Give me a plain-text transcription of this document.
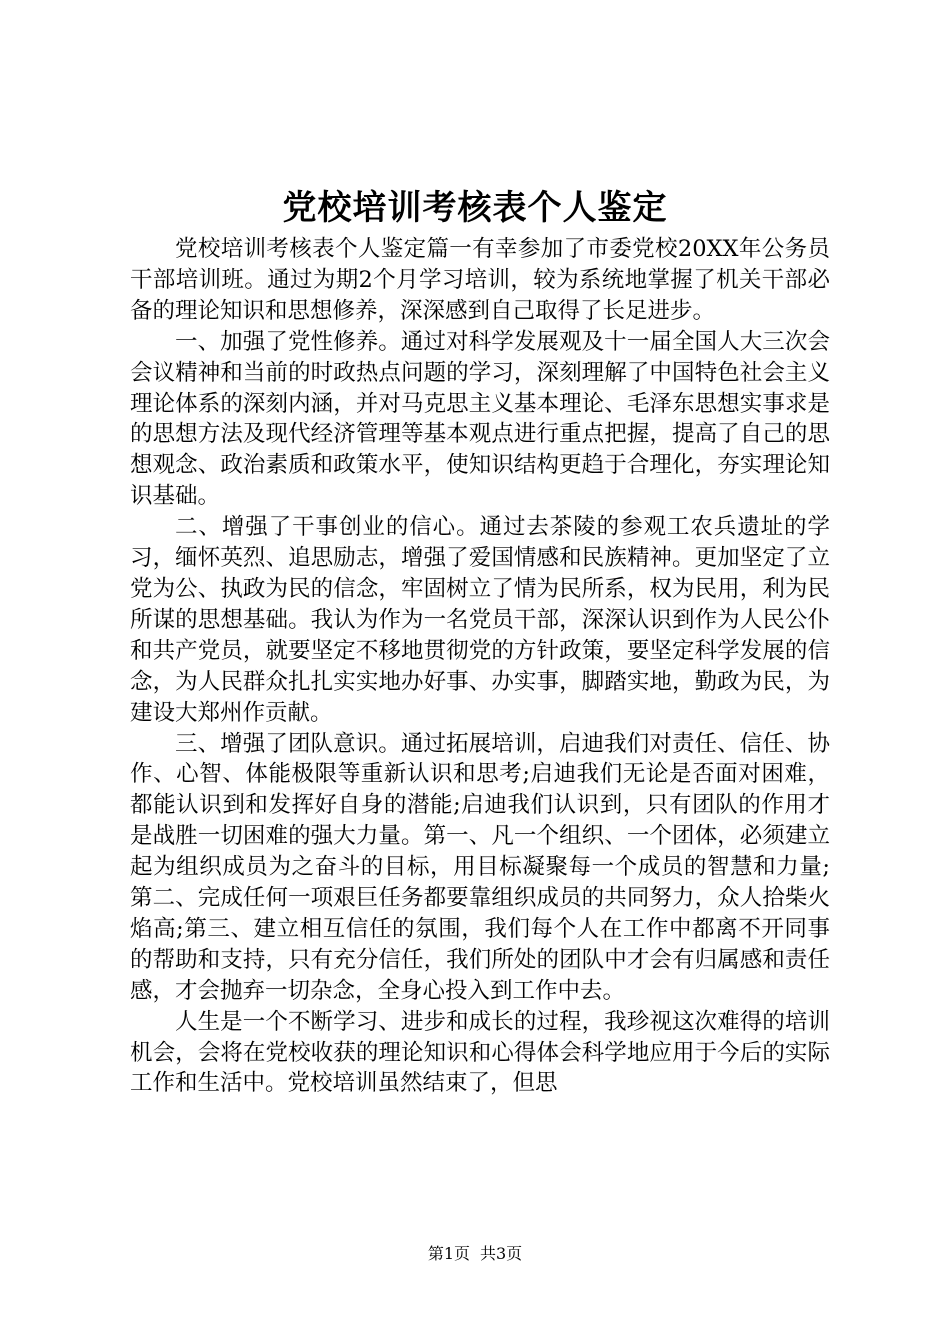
党校培训考核表个人鉴定

党校培训考核表个人鉴定篇一有幸参加了市委党校20XX年公务员干部培训班。通过为期2个月学习培训，较为系统地掌握了机关干部必备的理论知识和思想修养，深深感到自己取得了长足进步。

一、加强了党性修养。通过对科学发展观及十一届全国人大三次会会议精神和当前的时政热点问题的学习，深刻理解了中国特色社会主义理论体系的深刻内涵，并对马克思主义基本理论、毛泽东思想实事求是的思想方法及现代经济管理等基本观点进行重点把握，提高了自己的思想观念、政治素质和政策水平，使知识结构更趋于合理化，夯实理论知识基础。

二、增强了干事创业的信心。通过去茶陵的参观工农兵遗址的学习，缅怀英烈、追思励志，增强了爱国情感和民族精神。更加坚定了立党为公、执政为民的信念，牢固树立了情为民所系，权为民用，利为民所谋的思想基础。我认为作为一名党员干部，深深认识到作为人民公仆和共产党员，就要坚定不移地贯彻党的方针政策，要坚定科学发展的信念，为人民群众扎扎实实地办好事、办实事，脚踏实地，勤政为民，为建设大郑州作贡献。

三、增强了团队意识。通过拓展培训，启迪我们对责任、信任、协作、心智、体能极限等重新认识和思考;启迪我们无论是否面对困难，都能认识到和发挥好自身的潜能;启迪我们认识到，只有团队的作用才是战胜一切困难的强大力量。第一、凡一个组织、一个团体，必须建立起为组织成员为之奋斗的目标，用目标凝聚每一个成员的智慧和力量;第二、完成任何一项艰巨任务都要靠组织成员的共同努力，众人拾柴火焰高;第三、建立相互信任的氛围，我们每个人在工作中都离不开同事的帮助和支持，只有充分信任，我们所处的团队中才会有归属感和责任感，才会抛弃一切杂念，全身心投入到工作中去。

人生是一个不断学习、进步和成长的过程，我珍视这次难得的培训机会，会将在党校收获的理论知识和心得体会科学地应用于今后的实际工作和生活中。党校培训虽然结束了，但思

第1页 共3页
